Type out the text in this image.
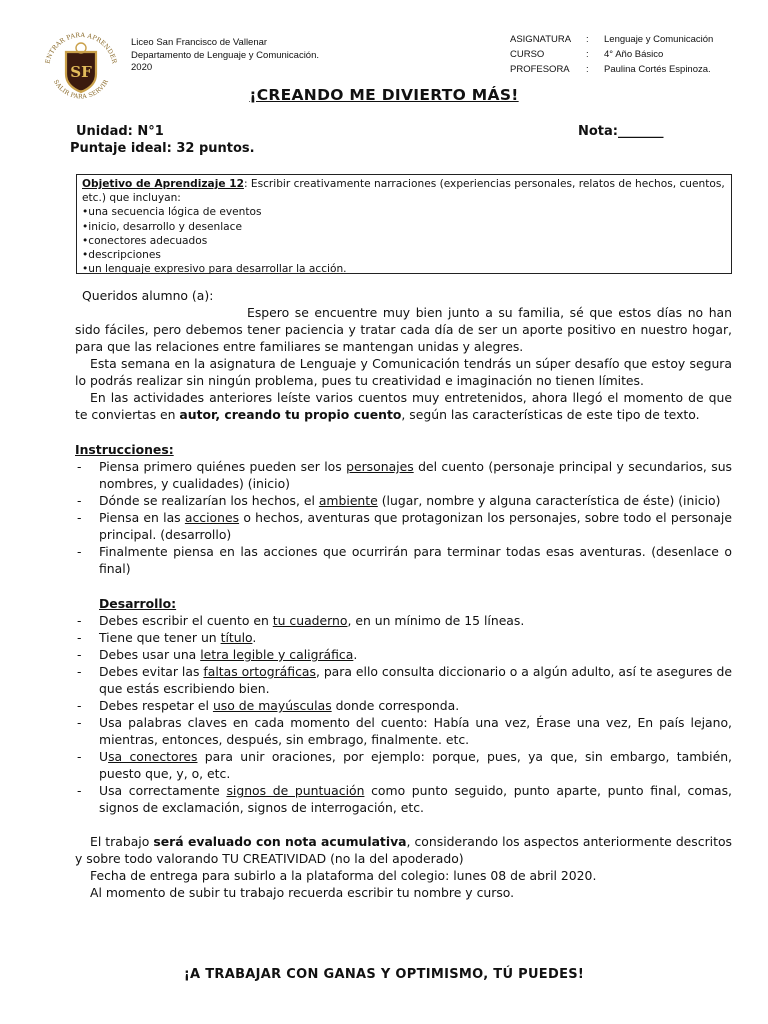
ENTRAR PARA APRENDER
SALIR PARA SERVIR
SF
Liceo San Francisco de Vallenar
Departamento de Lenguaje y Comunicación.
2020
ASIGNATURA	:	Lenguaje y Comunicación
CURSO	:	4° Año Básico
PROFESORA	:	Paulina Cortés Espinoza.
¡CREANDO ME DIVIERTO MÁS!
Unidad: N°1
Puntaje ideal: 32 puntos.
Nota:_______
Objetivo de Aprendizaje 12: Escribir creativamente narraciones (experiencias personales, relatos de hechos, cuentos, etc.) que incluyan:
•una secuencia lógica de eventos
•inicio, desarrollo y desenlace
•conectores adecuados
•descripciones
•un lenguaje expresivo para desarrollar la acción.
Queridos alumno (a):

Espero se encuentre muy bien junto a su familia, sé que estos días no han sido fáciles, pero debemos tener paciencia y tratar cada día de ser un aporte positivo en nuestro hogar, para que las relaciones entre familiares se mantengan unidas y alegres.

Esta semana en la asignatura de Lenguaje y Comunicación tendrás un súper desafío que estoy segura lo podrás realizar sin ningún problema, pues tu creatividad e imaginación no tienen límites.

En las actividades anteriores leíste varios cuentos muy entretenidos, ahora llegó el momento de que te conviertas en autor, creando tu propio cuento, según las características de este tipo de texto.

Instrucciones:
- Piensa primero quiénes pueden ser los personajes del cuento (personaje principal y secundarios, sus nombres, y cualidades) (inicio)
- Dónde se realizarían los hechos, el ambiente (lugar, nombre y alguna característica de éste) (inicio)
- Piensa en las acciones o hechos, aventuras que protagonizan los personajes, sobre todo el personaje principal. (desarrollo)
- Finalmente piensa en las acciones que ocurrirán para terminar todas esas aventuras. (desenlace o final)
Desarrollo:
- Debes escribir el cuento en tu cuaderno, en un mínimo de 15 líneas.
- Tiene que tener un título.
- Debes usar una letra legible y caligráfica.
- Debes evitar las faltas ortográficas, para ello consulta diccionario o a algún adulto, así te asegures de que estás escribiendo bien.
- Debes respetar el uso de mayúsculas donde corresponda.
- Usa palabras claves en cada momento del cuento: Había una vez, Érase una vez, En país lejano, mientras, entonces, después, sin embrago, finalmente. etc.
- Usa conectores para unir oraciones, por ejemplo: porque, pues, ya que, sin embargo, también, puesto que, y, o, etc.
- Usa correctamente signos de puntuación como punto seguido, punto aparte, punto final, comas, signos de exclamación, signos de interrogación, etc.

El trabajo será evaluado con nota acumulativa, considerando los aspectos anteriormente descritos y sobre todo valorando TU CREATIVIDAD (no la del apoderado)

Fecha de entrega para subirlo a la plataforma del colegio: lunes 08 de abril 2020.

Al momento de subir tu trabajo recuerda escribir tu nombre y curso.

¡A TRABAJAR CON GANAS Y OPTIMISMO, TÚ PUEDES!
